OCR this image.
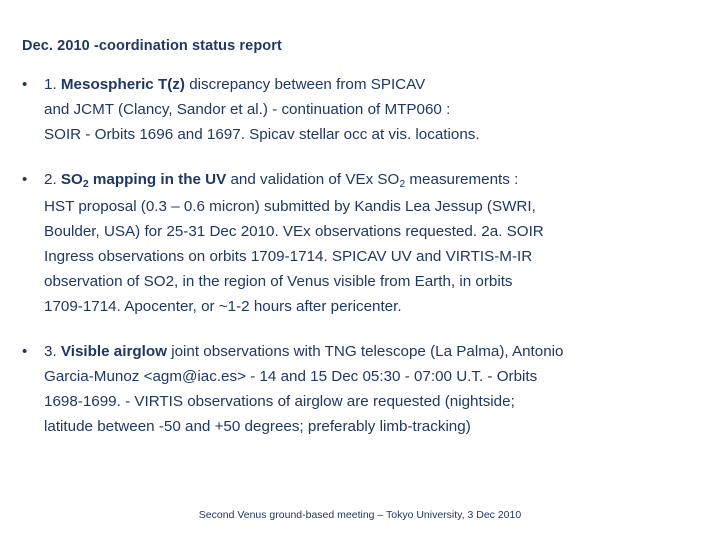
Dec. 2010 -coordination status report
•	1. Mesospheric T(z) discrepancy between from SPICAV
and JCMT (Clancy, Sandor et al.) - continuation of MTP060 :
SOIR - Orbits 1696 and 1697. Spicav stellar occ at vis. locations.
•	2. $SO_2$ mapping in the UV and validation of VEx $SO_2$ measurements :
HST proposal (0.3 – 0.6 micron) submitted by Kandis Lea Jessup (SWRI,
Boulder, USA) for 25-31 Dec 2010. VEx observations requested. 2a. SOIR
Ingress observations on orbits 1709-1714. SPICAV UV and VIRTIS-M-IR
observation of SO2, in the region of Venus visible from Earth, in orbits
1709-1714. Apocenter, or ~1-2 hours after pericenter.
•	3. Visible airglow joint observations with TNG telescope (La Palma), Antonio
Garcia-Munoz <agm@iac.es> - 14 and 15 Dec 05:30 - 07:00 U.T. - Orbits
1698-1699. - VIRTIS observations of airglow are requested (nightside;
latitude between -50 and +50 degrees; preferably limb-tracking)
Second Venus ground-based meeting – Tokyo University, 3 Dec 2010
